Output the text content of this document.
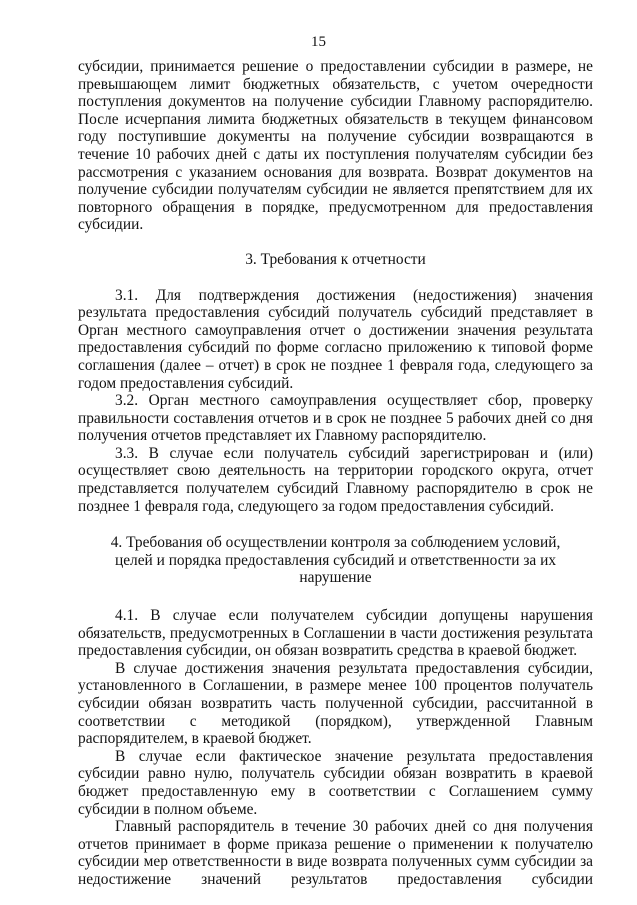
15

субсидии, принимается решение о предоставлении субсидии в размере, не превышающем лимит бюджетных обязательств, с учетом очередности поступления документов на получение субсидии Главному распорядителю. После исчерпания лимита бюджетных обязательств в текущем финансовом году поступившие документы на получение субсидии возвращаются в течение 10 рабочих дней с даты их поступления получателям субсидии без рассмотрения с указанием основания для возврата. Возврат документов на получение субсидии получателям субсидии не является препятствием для их повторного обращения в порядке, предусмотренном для предоставления субсидии.

3. Требования к отчетности

3.1. Для подтверждения достижения (недостижения) значения результата предоставления субсидий получатель субсидий представляет в Орган местного самоуправления отчет о достижении значения результата предоставления субсидий по форме согласно приложению к типовой форме соглашения (далее – отчет) в срок не позднее 1 февраля года, следующего за годом предоставления субсидий.

3.2. Орган местного самоуправления осуществляет сбор, проверку правильности составления отчетов и в срок не позднее 5 рабочих дней со дня получения отчетов представляет их Главному распорядителю.

3.3. В случае если получатель субсидий зарегистрирован и (или) осуществляет свою деятельность на территории городского округа, отчет представляется получателем субсидий Главному распорядителю в срок не позднее 1 февраля года, следующего за годом предоставления субсидий.

4. Требования об осуществлении контроля за соблюдением условий,
целей и порядка предоставления субсидий и ответственности за их нарушение

4.1. В случае если получателем субсидии допущены нарушения обязательств, предусмотренных в Соглашении в части достижения результата предоставления субсидии, он обязан возвратить средства в краевой бюджет.

В случае достижения значения результата предоставления субсидии, установленного в Соглашении, в размере менее 100 процентов получатель субсидии обязан возвратить часть полученной субсидии, рассчитанной в соответствии с методикой (порядком), утвержденной Главным распорядителем, в краевой бюджет.

В случае если фактическое значение результата предоставления субсидии равно нулю, получатель субсидии обязан возвратить в краевой бюджет предоставленную ему в соответствии с Соглашением сумму субсидии в полном объеме.

Главный распорядитель в течение 30 рабочих дней со дня получения отчетов принимает в форме приказа решение о применении к получателю субсидии мер ответственности в виде возврата полученных сумм субсидии за недостижение значений результатов предоставления субсидии
